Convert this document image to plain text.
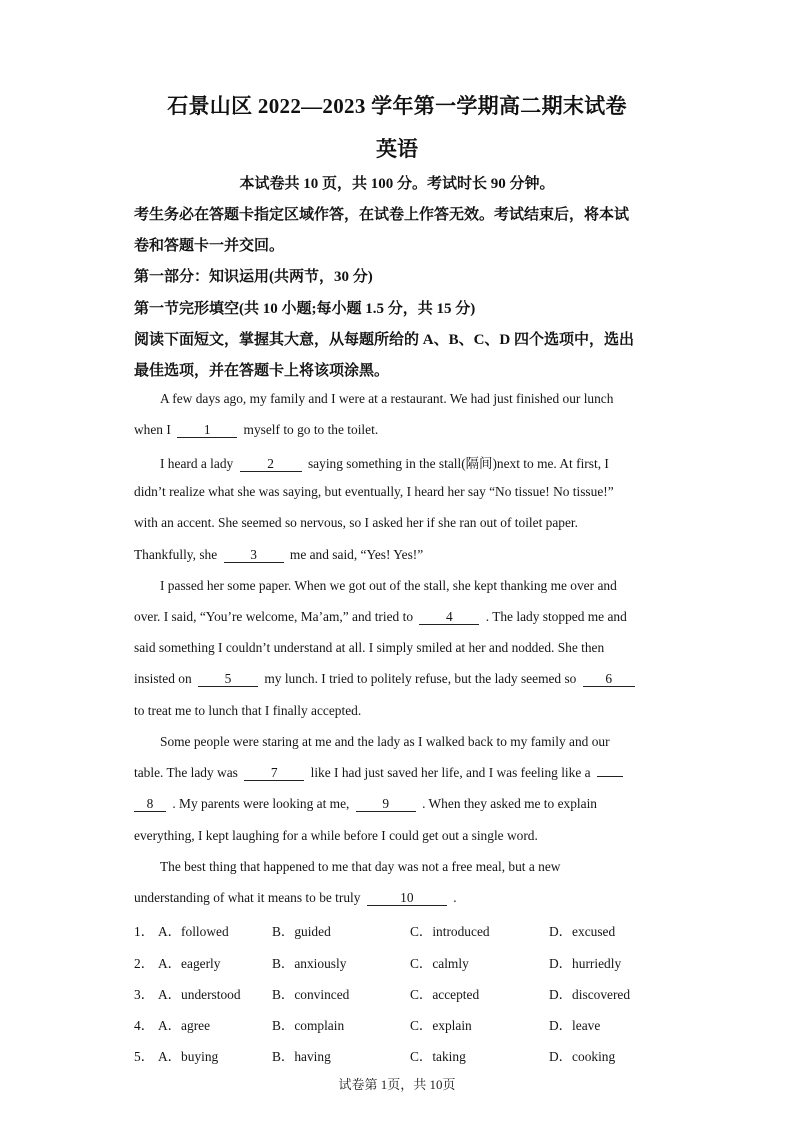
石景山区 2022—2023 学年第一学期高二期末试卷
英语
本试卷共 10 页，共 100 分。考试时长 90 分钟。
考生务必在答题卡指定区域作答，在试卷上作答无效。考试结束后，将本试
卷和答题卡一并交回。
第一部分：知识运用(共两节，30 分)
第一节完形填空(共 10 小题;每小题 1.5 分，共 15 分)
阅读下面短文，掌握其大意，从每题所给的 A、B、C、D 四个选项中，选出
最佳选项，并在答题卡上将该项涂黑。
A few days ago, my family and I were at a restaurant. We had just finished our lunch
when I 1 myself to go to the toilet.
I heard a lady	2	saying something in the stall(隔间)next to me. At first, I
didn’t realize what she was saying, but eventually, I heard her say “No tissue! No tissue!”
with an accent. She seemed so nervous, so I asked her if she ran out of toilet paper.
Thankfully, she 3 me and said, “Yes! Yes!”
I passed her some paper. When we got out of the stall, she kept thanking me over and
over. I said, “You’re welcome, Ma’am,” and tried to 4 . The lady stopped me and
said something I couldn’t understand at all. I simply smiled at her and nodded. She then
insisted on 5 my lunch. I tried to politely refuse, but the lady seemed so 6
to treat me to lunch that I finally accepted.
Some people were staring at me and the lady as I walked back to my family and our
table. The lady was 7 like I had just saved her life, and I was feeling like a
8 . My parents were looking at me, 9 . When they asked me to explain
everything, I kept laughing for a while before I could get out a single word.
The best thing that happened to me that day was not a free meal, but a new
understanding of what it means to be truly	10	.
1． A．followed	B．guided	C．introduced	D．excused
2． A．eagerly	B．anxiously	C．calmly	D．hurriedly
3． A．understood B．convinced	C．accepted	D．discovered
4． A．agree	B．complain	C．explain	D．leave
5． A．buying	B．having	C．taking	D．cooking
试卷第 1页，共 10页
